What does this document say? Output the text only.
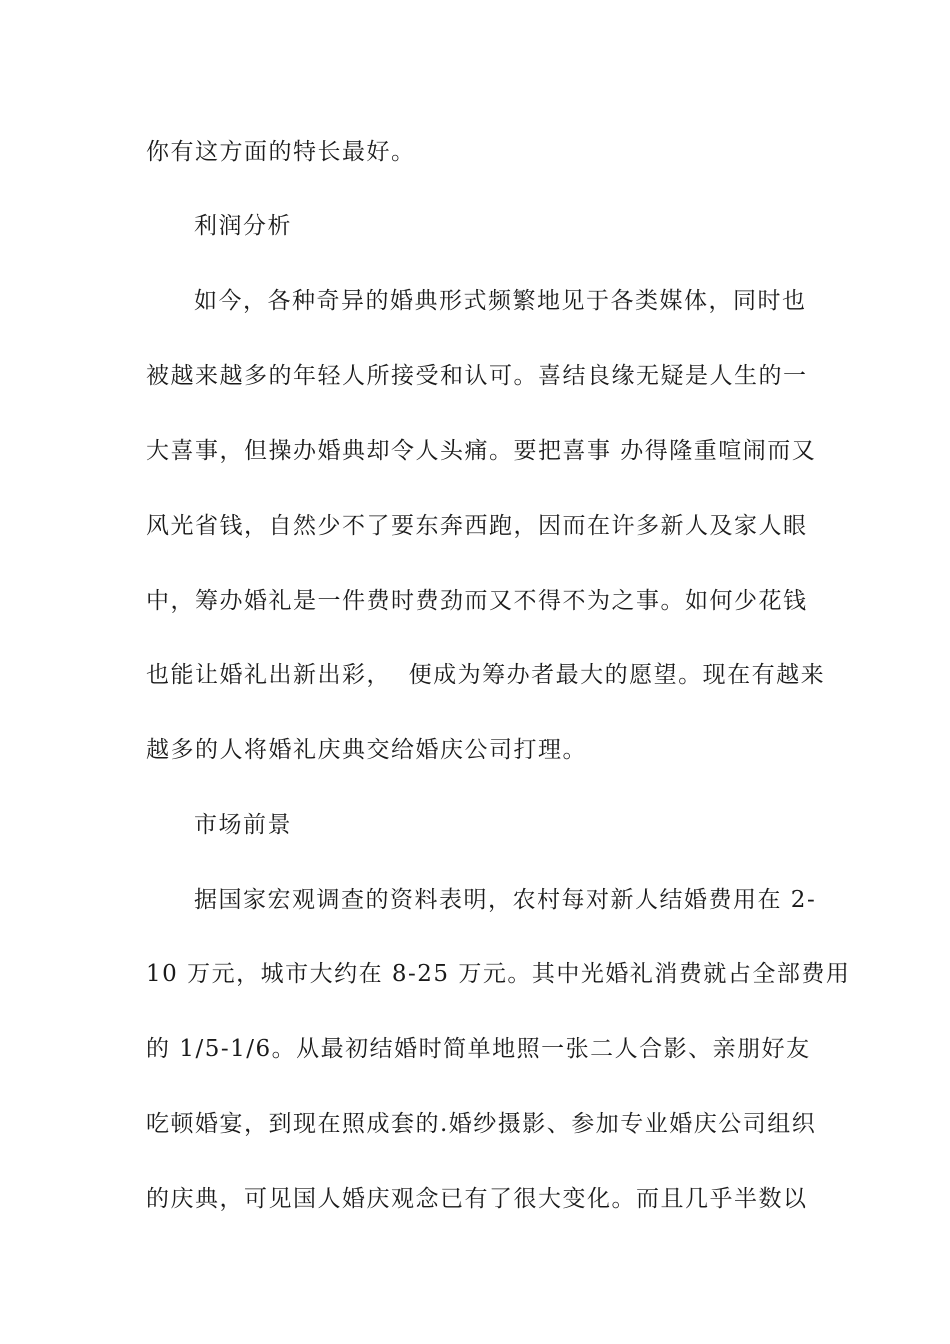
你有这方面的特长最好。
利润分析
如今，各种奇异的婚典形式频繁地见于各类媒体，同时也
被越来越多的年轻人所接受和认可。喜结良缘无疑是人生的一
大喜事，但操办婚典却令人头痛。要把喜事 办得隆重喧闹而又
风光省钱，自然少不了要东奔西跑，因而在许多新人及家人眼
中，筹办婚礼是一件费时费劲而又不得不为之事。如何少花钱
也能让婚礼出新出彩，  便成为筹办者最大的愿望。现在有越来
越多的人将婚礼庆典交给婚庆公司打理。
市场前景
据国家宏观调查的资料表明，农村每对新人结婚费用在 2-
10 万元，城市大约在 8-25 万元。其中光婚礼消费就占全部费用
的 1/5-1/6。从最初结婚时简单地照一张二人合影、亲朋好友
吃顿婚宴，到现在照成套的.婚纱摄影、参加专业婚庆公司组织
的庆典，可见国人婚庆观念已有了很大变化。而且几乎半数以
